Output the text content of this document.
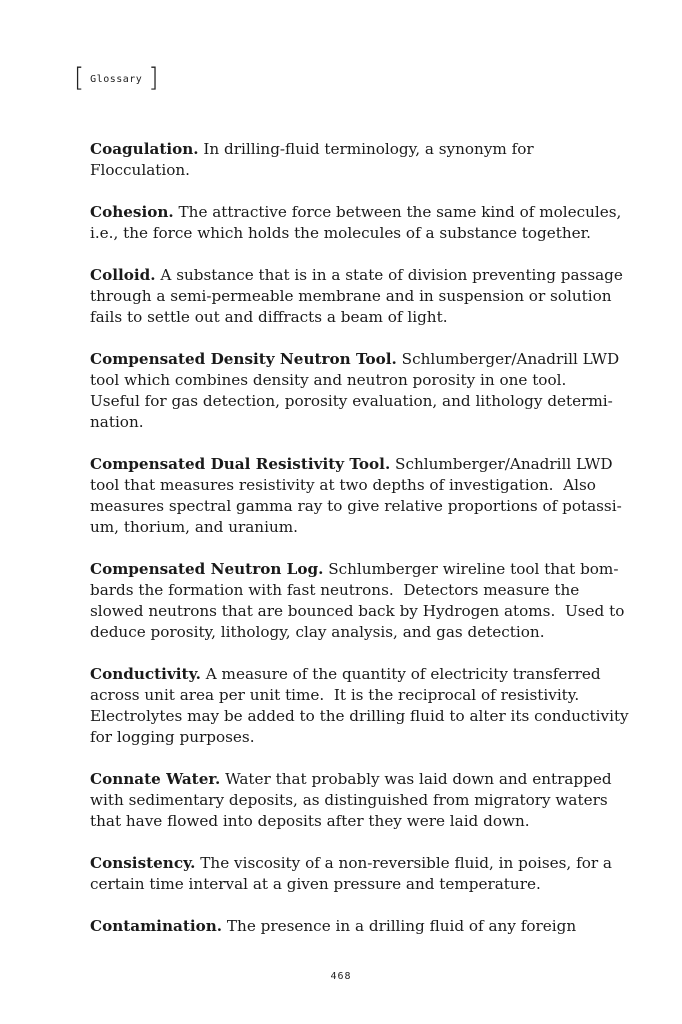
[ Glossary ]
Coagulation. In drilling-fluid terminology, a synonym for
Flocculation.
Cohesion. The attractive force between the same kind of molecules,
i.e., the force which holds the molecules of a substance together.
Colloid. A substance that is in a state of division preventing passage
through a semi-permeable membrane and in suspension or solution
fails to settle out and diffracts a beam of light.
Compensated Density Neutron Tool. Schlumberger/Anadrill LWD
tool which combines density and neutron porosity in one tool.
Useful for gas detection, porosity evaluation, and lithology determi-
nation.
Compensated Dual Resistivity Tool. Schlumberger/Anadrill LWD
tool that measures resistivity at two depths of investigation.  Also
measures spectral gamma ray to give relative proportions of potassi-
um, thorium, and uranium.
Compensated Neutron Log. Schlumberger wireline tool that bom-
bards the formation with fast neutrons.  Detectors measure the
slowed neutrons that are bounced back by Hydrogen atoms.  Used to
deduce porosity, lithology, clay analysis, and gas detection.
Conductivity. A measure of the quantity of electricity transferred
across unit area per unit time.  It is the reciprocal of resistivity.
Electrolytes may be added to the drilling fluid to alter its conductivity
for logging purposes.
Connate Water. Water that probably was laid down and entrapped
with sedimentary deposits, as distinguished from migratory waters
that have flowed into deposits after they were laid down.
Consistency. The viscosity of a non-reversible fluid, in poises, for a
certain time interval at a given pressure and temperature.
Contamination. The presence in a drilling fluid of any foreign
468
